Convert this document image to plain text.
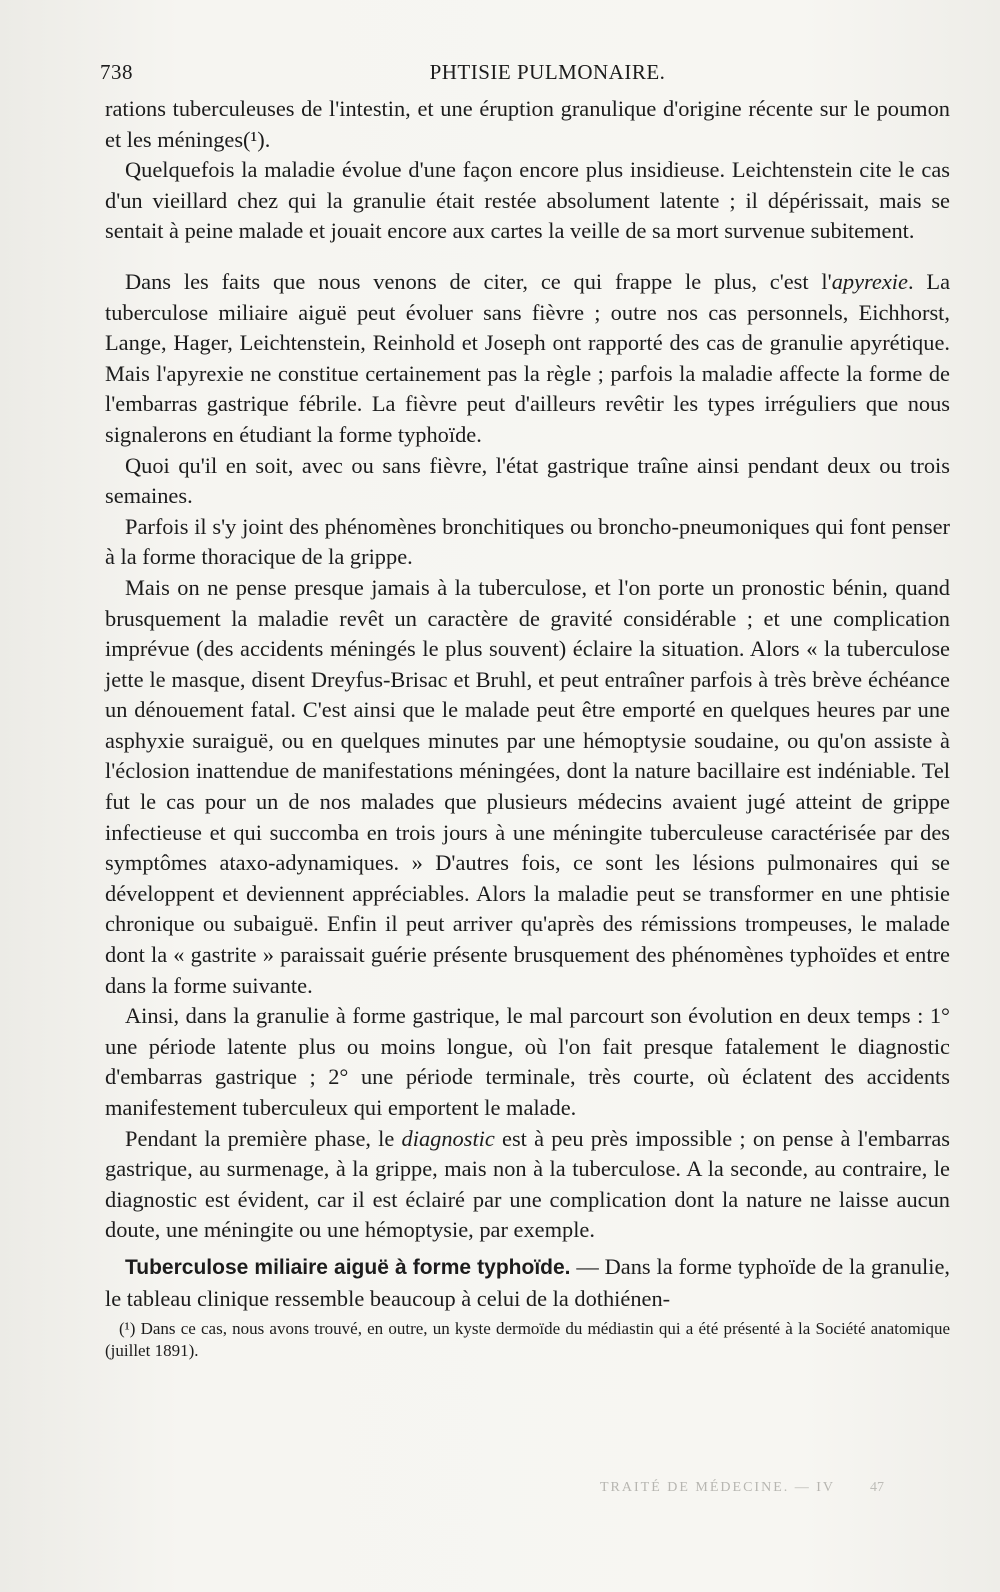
738	PHTISIE PULMONAIRE.

rations tuberculeuses de l'intestin, et une éruption granulique d'origine récente sur le poumon et les méninges(¹).

Quelquefois la maladie évolue d'une façon encore plus insidieuse. Leichtenstein cite le cas d'un vieillard chez qui la granulie était restée absolument latente ; il dépérissait, mais se sentait à peine malade et jouait encore aux cartes la veille de sa mort survenue subitement.

Dans les faits que nous venons de citer, ce qui frappe le plus, c'est l'apyrexie. La tuberculose miliaire aiguë peut évoluer sans fièvre ; outre nos cas personnels, Eichhorst, Lange, Hager, Leichtenstein, Reinhold et Joseph ont rapporté des cas de granulie apyrétique. Mais l'apyrexie ne constitue certainement pas la règle ; parfois la maladie affecte la forme de l'embarras gastrique fébrile. La fièvre peut d'ailleurs revêtir les types irréguliers que nous signalerons en étudiant la forme typhoïde.

Quoi qu'il en soit, avec ou sans fièvre, l'état gastrique traîne ainsi pendant deux ou trois semaines.

Parfois il s'y joint des phénomènes bronchitiques ou broncho-pneumoniques qui font penser à la forme thoracique de la grippe.

Mais on ne pense presque jamais à la tuberculose, et l'on porte un pronostic bénin, quand brusquement la maladie revêt un caractère de gravité considérable ; et une complication imprévue (des accidents méningés le plus souvent) éclaire la situation. Alors « la tuberculose jette le masque, disent Dreyfus-Brisac et Bruhl, et peut entraîner parfois à très brève échéance un dénouement fatal. C'est ainsi que le malade peut être emporté en quelques heures par une asphyxie suraiguë, ou en quelques minutes par une hémoptysie soudaine, ou qu'on assiste à l'éclosion inattendue de manifestations méningées, dont la nature bacillaire est indéniable. Tel fut le cas pour un de nos malades que plusieurs médecins avaient jugé atteint de grippe infectieuse et qui succomba en trois jours à une méningite tuberculeuse caractérisée par des symptômes ataxo-adynamiques. » D'autres fois, ce sont les lésions pulmonaires qui se développent et deviennent appréciables. Alors la maladie peut se transformer en une phtisie chronique ou subaiguë. Enfin il peut arriver qu'après des rémissions trompeuses, le malade dont la « gastrite » paraissait guérie présente brusquement des phénomènes typhoïdes et entre dans la forme suivante.

Ainsi, dans la granulie à forme gastrique, le mal parcourt son évolution en deux temps : 1° une période latente plus ou moins longue, où l'on fait presque fatalement le diagnostic d'embarras gastrique ; 2° une période terminale, très courte, où éclatent des accidents manifestement tuberculeux qui emportent le malade.

Pendant la première phase, le diagnostic est à peu près impossible ; on pense à l'embarras gastrique, au surmenage, à la grippe, mais non à la tuberculose. A la seconde, au contraire, le diagnostic est évident, car il est éclairé par une complication dont la nature ne laisse aucun doute, une méningite ou une hémoptysie, par exemple.

Tuberculose miliaire aiguë à forme typhoïde. — Dans la forme typhoïde de la granulie, le tableau clinique ressemble beaucoup à celui de la dothiénen-

(¹) Dans ce cas, nous avons trouvé, en outre, un kyste dermoïde du médiastin qui a été présenté à la Société anatomique (juillet 1891).

TRAITÉ DE MÉDECINE. — IV 47
